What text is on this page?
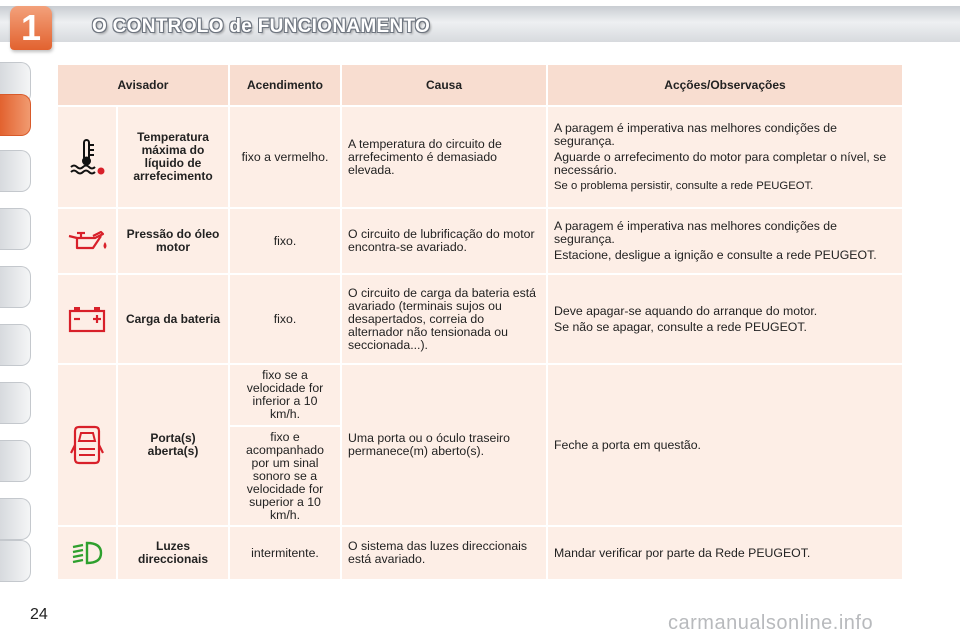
1	O CONTROLO de FUNCIONAMENTO
Avisador		Acendimento	Causa	Acções/Observações
	Temperatura máxima do líquido de arrefecimento	fixo a vermelho.	A temperatura do circuito de arrefecimento é demasiado elevada.	A paragem é imperativa nas melhores condições de segurança.

Aguarde o arrefecimento do motor para completar o nível, se necessário.

Se o problema persistir, consulte a rede PEUGEOT.

	Pressão do óleo motor	fixo.	O circuito de lubrificação do motor encontra-se avariado.	A paragem é imperativa nas melhores condições de segurança.

Estacione, desligue a ignição e consulte a rede PEUGEOT.

	Carga da bateria	fixo.	O circuito de carga da bateria está avariado (terminais sujos ou desapertados, correia do alternador não tensionada ou seccionada...).	Deve apagar-se aquando do arranque do motor.

Se não se apagar, consulte a rede PEUGEOT.

	Porta(s) aberta(s)	fixo se a velocidade for inferior a 10 km/h.	Uma porta ou o óculo traseiro permanece(m) aberto(s).	Feche a porta em questão.

		fixo e acompanhado por um sinal sonoro se a velocidade for superior a 10 km/h.		
	Luzes direccionais	intermitente.	O sistema das luzes direccionais está avariado.	Mandar verificar por parte da Rede PEUGEOT.

24	carmanualsonline.info
